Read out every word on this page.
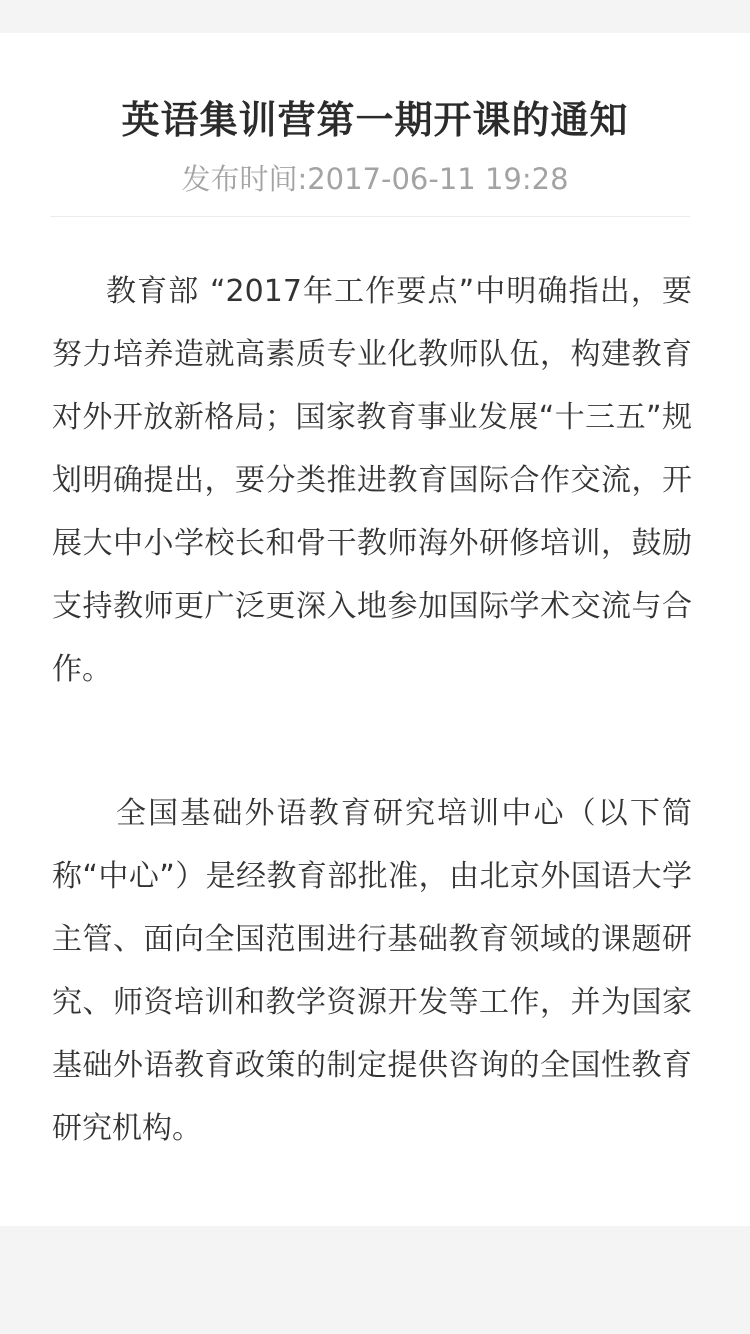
英语集训营第一期开课的通知
发布时间:2017-06-11 19:28

教育部 “2017年工作要点”中明确指出，要努力培养造就高素质专业化教师队伍，构建教育对外开放新格局；国家教育事业发展“十三五”规划明确提出，要分类推进教育国际合作交流，开展大中小学校长和骨干教师海外研修培训，鼓励支持教师更广泛更深入地参加国际学术交流与合作。

全国基础外语教育研究培训中心（以下简称“中心”）是经教育部批准，由北京外国语大学主管、面向全国范围进行基础教育领域的课题研究、师资培训和教学资源开发等工作，并为国家基础外语教育政策的制定提供咨询的全国性教育研究机构。
